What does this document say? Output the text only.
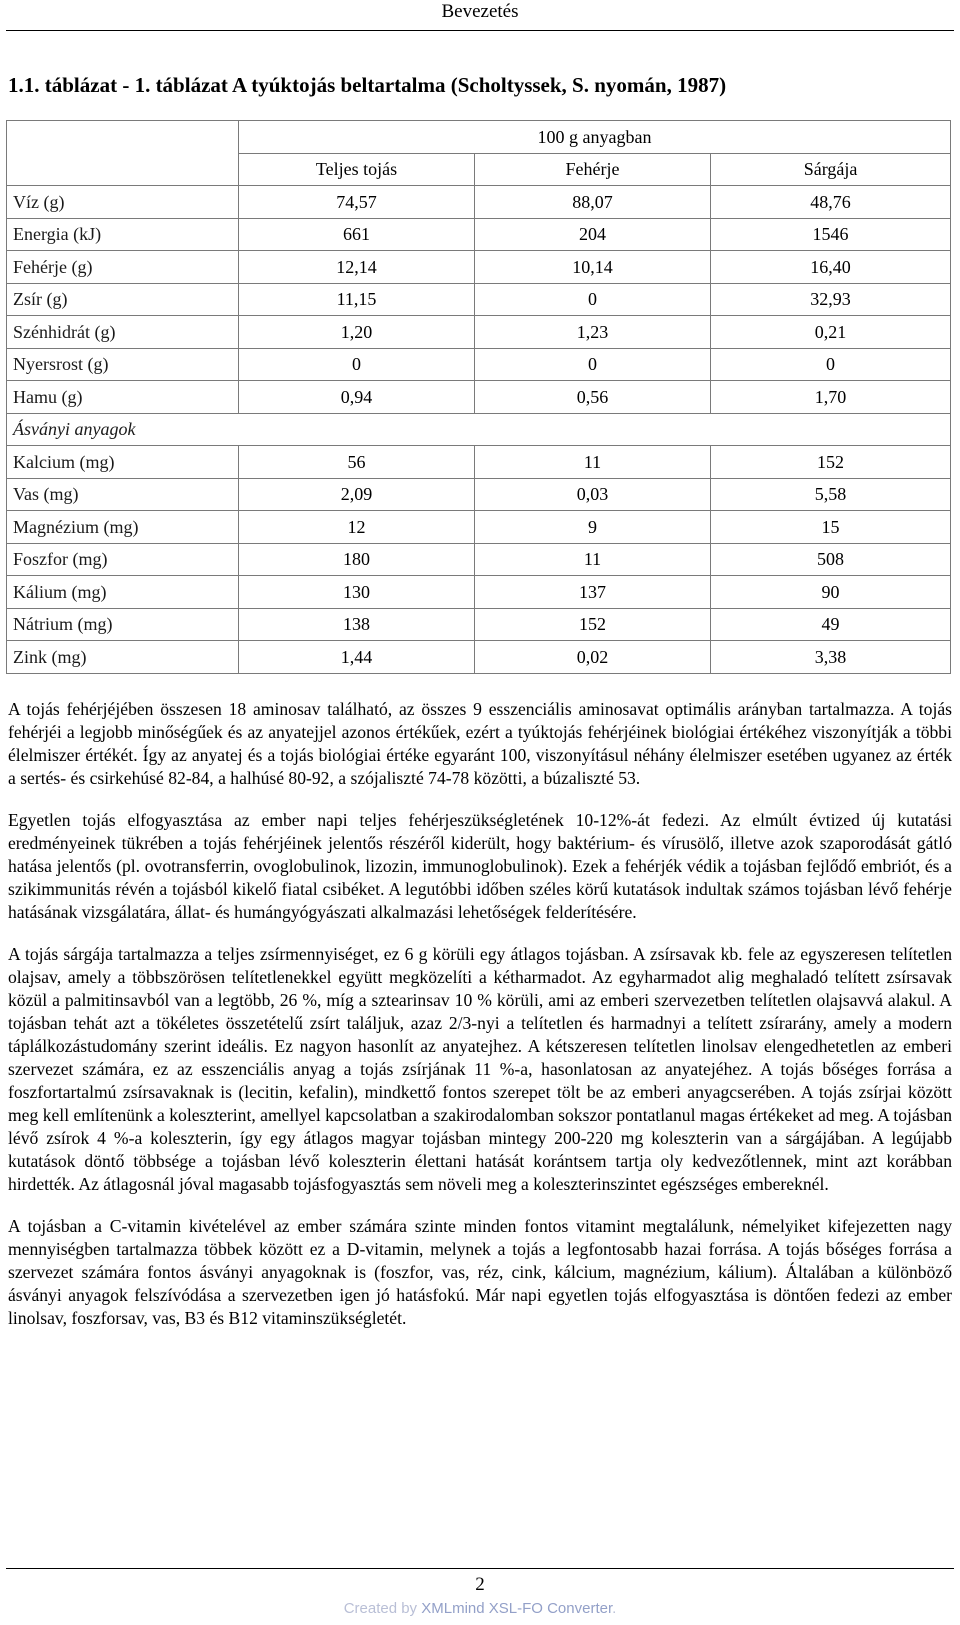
Bevezetés
1.1. táblázat - 1. táblázat A tyúktojás beltartalma (Scholtyssek, S. nyomán, 1987)
	100 g anyagban		
	Teljes tojás	Fehérje	Sárgája
Víz (g)	74,57	88,07	48,76
Energia (kJ)	661	204	1546
Fehérje (g)	12,14	10,14	16,40
Zsír (g)	11,15	0	32,93
Szénhidrát (g)	1,20	1,23	0,21
Nyersrost (g)	0	0	0
Hamu (g)	0,94	0,56	1,70
Ásványi anyagok			
Kalcium (mg)	56	11	152
Vas (mg)	2,09	0,03	5,58
Magnézium (mg)	12	9	15
Foszfor (mg)	180	11	508
Kálium (mg)	130	137	90
Nátrium (mg)	138	152	49
Zink (mg)	1,44	0,02	3,38

A tojás fehérjéjében összesen 18 aminosav található, az összes 9 esszenciális aminosavat optimális arányban tartalmazza. A tojás fehérjéi a legjobb minőségűek és az anyatejjel azonos értékűek, ezért a tyúktojás fehérjéinek biológiai értékéhez viszonyítják a többi élelmiszer értékét. Így az anyatej és a tojás biológiai értéke egyaránt 100, viszonyításul néhány élelmiszer esetében ugyanez az érték a sertés- és csirkehúsé 82-84, a halhúsé 80-92, a szójaliszté 74-78 közötti, a búzaliszté 53.

Egyetlen tojás elfogyasztása az ember napi teljes fehérjeszükségletének 10-12%-át fedezi. Az elmúlt évtized új kutatási eredményeinek tükrében a tojás fehérjéinek jelentős részéről kiderült, hogy baktérium- és vírusölő, illetve azok szaporodását gátló hatása jelentős (pl. ovotransferrin, ovoglobulinok, lizozin, immunoglobulinok). Ezek a fehérjék védik a tojásban fejlődő embriót, és a szikimmunitás révén a tojásból kikelő fiatal csibéket. A legutóbbi időben széles körű kutatások indultak számos tojásban lévő fehérje hatásának vizsgálatára, állat- és humángyógyászati alkalmazási lehetőségek felderítésére.

A tojás sárgája tartalmazza a teljes zsírmennyiséget, ez 6 g körüli egy átlagos tojásban. A zsírsavak kb. fele az egyszeresen telítetlen olajsav, amely a többszörösen telítetlenekkel együtt megközelíti a kétharmadot. Az egyharmadot alig meghaladó telített zsírsavak közül a palmitinsavból van a legtöbb, 26 %, míg a sztearinsav 10 % körüli, ami az emberi szervezetben telítetlen olajsavvá alakul. A tojásban tehát azt a tökéletes összetételű zsírt találjuk, azaz 2/3-nyi a telítetlen és harmadnyi a telített zsírarány, amely a modern táplálkozástudomány szerint ideális. Ez nagyon hasonlít az anyatejhez. A kétszeresen telítetlen linolsav elengedhetetlen az emberi szervezet számára, ez az esszenciális anyag a tojás zsírjának 11 %-a, hasonlatosan az anyatejéhez. A tojás bőséges forrása a foszfortartalmú zsírsavaknak is (lecitin, kefalin), mindkettő fontos szerepet tölt be az emberi anyagcserében. A tojás zsírjai között meg kell említenünk a koleszterint, amellyel kapcsolatban a szakirodalomban sokszor pontatlanul magas értékeket ad meg. A tojásban lévő zsírok 4 %-a koleszterin, így egy átlagos magyar tojásban mintegy 200-220 mg koleszterin van a sárgájában. A legújabb kutatások döntő többsége a tojásban lévő koleszterin élettani hatását korántsem tartja oly kedvezőtlennek, mint azt korábban hirdették. Az átlagosnál jóval magasabb tojásfogyasztás sem növeli meg a koleszterinszintet egészséges embereknél.

A tojásban a C-vitamin kivételével az ember számára szinte minden fontos vitamint megtalálunk, némelyiket kifejezetten nagy mennyiségben tartalmazza többek között ez a D-vitamin, melynek a tojás a legfontosabb hazai forrása. A tojás bőséges forrása a szervezet számára fontos ásványi anyagoknak is (foszfor, vas, réz, cink, kálcium, magnézium, kálium). Általában a különböző ásványi anyagok felszívódása a szervezetben igen jó hatásfokú. Már napi egyetlen tojás elfogyasztása is döntően fedezi az ember linolsav, foszforsav, vas, B3 és B12 vitaminszükségletét.

2
Created by XMLmind XSL-FO Converter.
